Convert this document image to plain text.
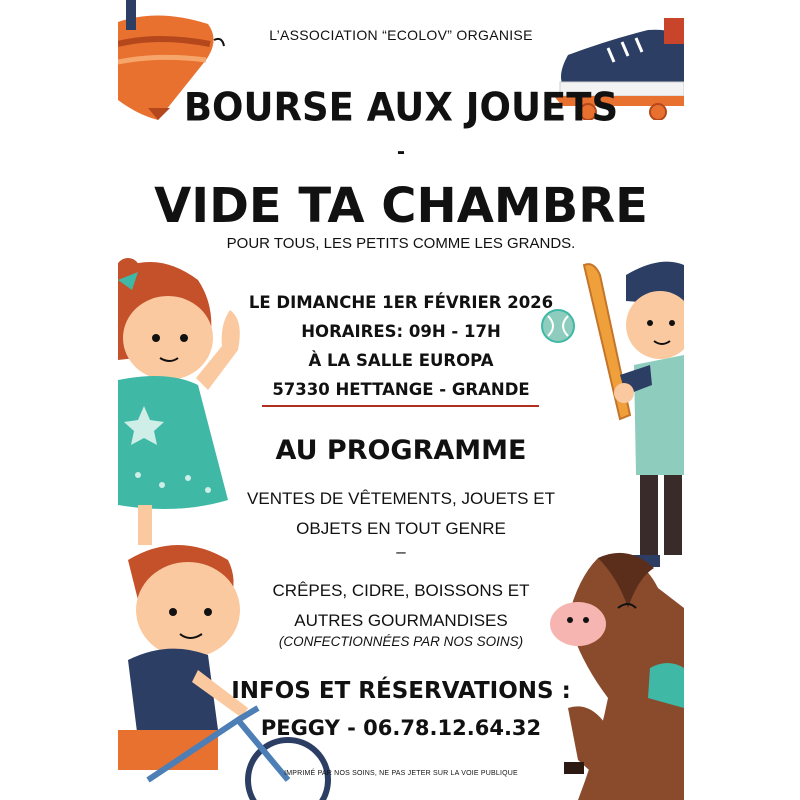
L’ASSOCIATION “ECOLOV” ORGANISE
BOURSE AUX JOUETS
-
VIDE TA CHAMBRE
POUR TOUS, LES PETITS COMME LES GRANDS.
LE DIMANCHE 1ER FÉVRIER 2026
HORAIRES: 09H - 17H
À LA SALLE EUROPA
57330 HETTANGE - GRANDE
AU PROGRAMME
VENTES DE VÊTEMENTS, JOUETS ET
OBJETS EN TOUT GENRE
–
CRÊPES, CIDRE, BOISSONS ET
AUTRES GOURMANDISES
(CONFECTIONNÉES PAR NOS SOINS)
INFOS ET RÉSERVATIONS :
PEGGY - 06.78.12.64.32
IMPRIMÉ PAR NOS SOINS, NE PAS JETER SUR LA VOIE PUBLIQUE
